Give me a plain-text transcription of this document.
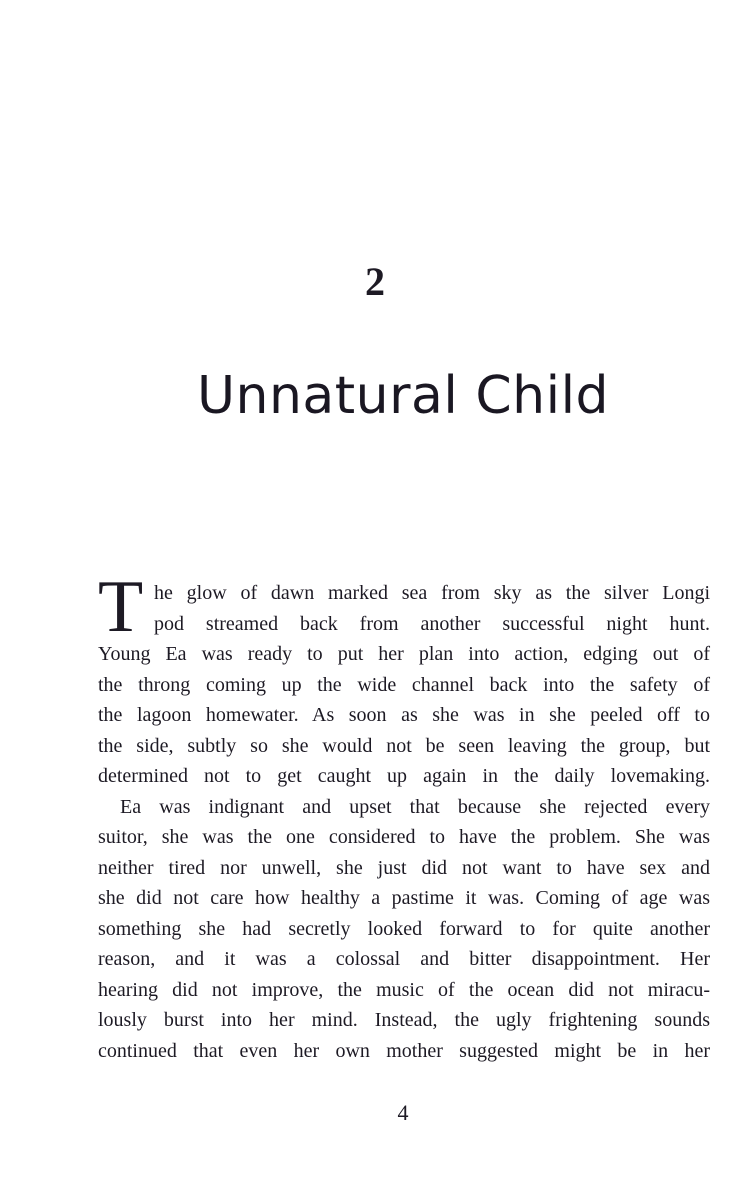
2
Unnatural Child
T he glow of dawn marked sea from sky as the silver Longi
pod streamed back from another successful night hunt.
Young Ea was ready to put her plan into action, edging out of
the throng coming up the wide channel back into the safety of
the lagoon homewater. As soon as she was in she peeled off to
the side, subtly so she would not be seen leaving the group, but
determined not to get caught up again in the daily lovemaking.
Ea was indignant and upset that because she rejected every
suitor, she was the one considered to have the problem. She was
neither tired nor unwell, she just did not want to have sex and
she did not care how healthy a pastime it was. Coming of age was
something she had secretly looked forward to for quite another
reason, and it was a colossal and bitter disappointment. Her
hearing did not improve, the music of the ocean did not miracu-
lously burst into her mind. Instead, the ugly frightening sounds
continued that even her own mother suggested might be in her
4
